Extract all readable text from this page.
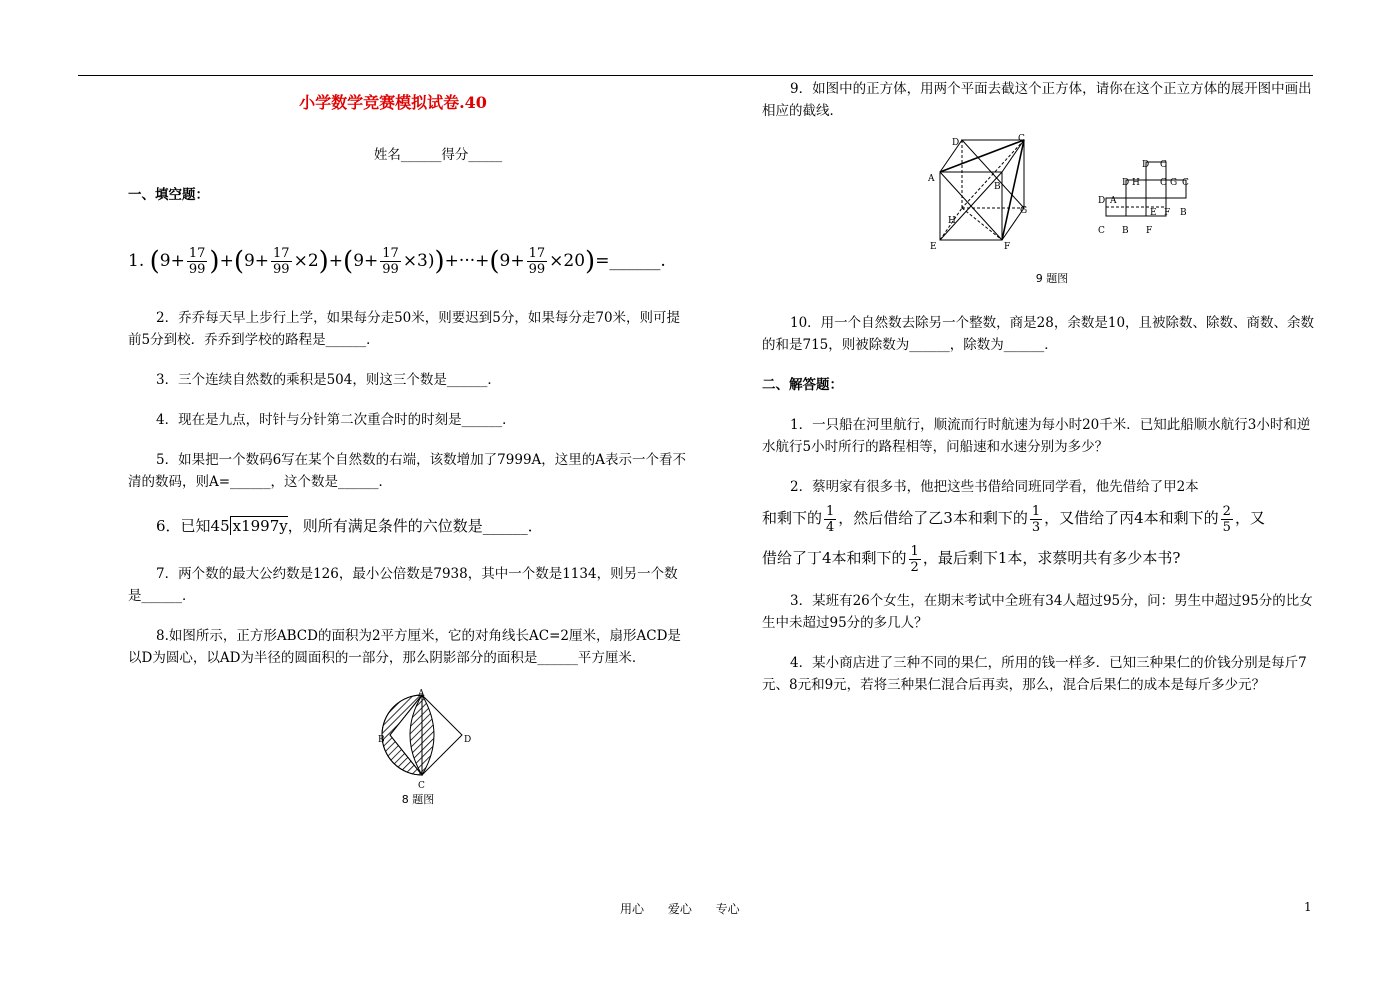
小学数学竞赛模拟试卷.40
姓名______得分_____
一、填空题：
1. $(9+ \frac{17}{99} )+(9+ \frac{17}{99} \times 2)+(9+ \frac{17}{99} \times 3))+\cdot\cdot\cdot+(9+ \frac{17}{99}$ ×20)=______.
2．乔乔每天早上步行上学，如果每分走50米，则要迟到5分，如果每分走70米，则可提前5分到校．乔乔到学校的路程是______．
3．三个连续自然数的乘积是504，则这三个数是______．
4．现在是九点，时针与分针第二次重合时的时刻是______．
5．如果把一个数码6写在某个自然数的右端，该数增加了7999A，这里的A表示一个看不清的数码，则A=______，这个数是______．
6．已知45 x1997y，则所有满足条件的六位数是______．
7．两个数的最大公约数是126，最小公倍数是7938，其中一个数是1134，则另一个数是______．
8.如图所示，正方形ABCD的面积为2平方厘米，它的对角线长AC=2厘米，扇形ACD是以D为圆心，以AD为半径的圆面积的一部分，那么阴影部分的面积是______平方厘米．
A
B
C
D
8 题图
9．如图中的正方体，用两个平面去截这个正方体，请你在这个正立方体的展开图中画出相应的截线．
D	C
A
B
H
G
E	F
D C
D H C G C
D A
E F B
C B F
9 题图
10．用一个自然数去除另一个整数，商是28，余数是10，且被除数、除数、商数、余数的和是715，则被除数为______，除数为______．
二、解答题：
1．一只船在河里航行，顺流而行时航速为每小时20千米．已知此船顺水航行3小时和逆水航行5小时所行的路程相等，问船速和水速分别为多少？
2．蔡明家有很多书，他把这些书借给同班同学看，他先借给了甲2本
和剩下的 $\frac{1}{4}$ ，然后借给了乙3本和剩下的 $\frac{1}{3}$ ，又借给了丙4本和剩下的 $\frac{2}{5}$ ，又
借给了丁4本和剩下的 $\frac{1}{2}$ ，最后剩下1本，求蔡明共有多少本书?
3．某班有26个女生，在期末考试中全班有34人超过95分，问：男生中超过95分的比女生中未超过95分的多几人？
4．某小商店进了三种不同的果仁，所用的钱一样多．已知三种果仁的价钱分别是每斤7元、8元和9元，若将三种果仁混合后再卖，那么，混合后果仁的成本是每斤多少元？
用心 爱心 专心	1
